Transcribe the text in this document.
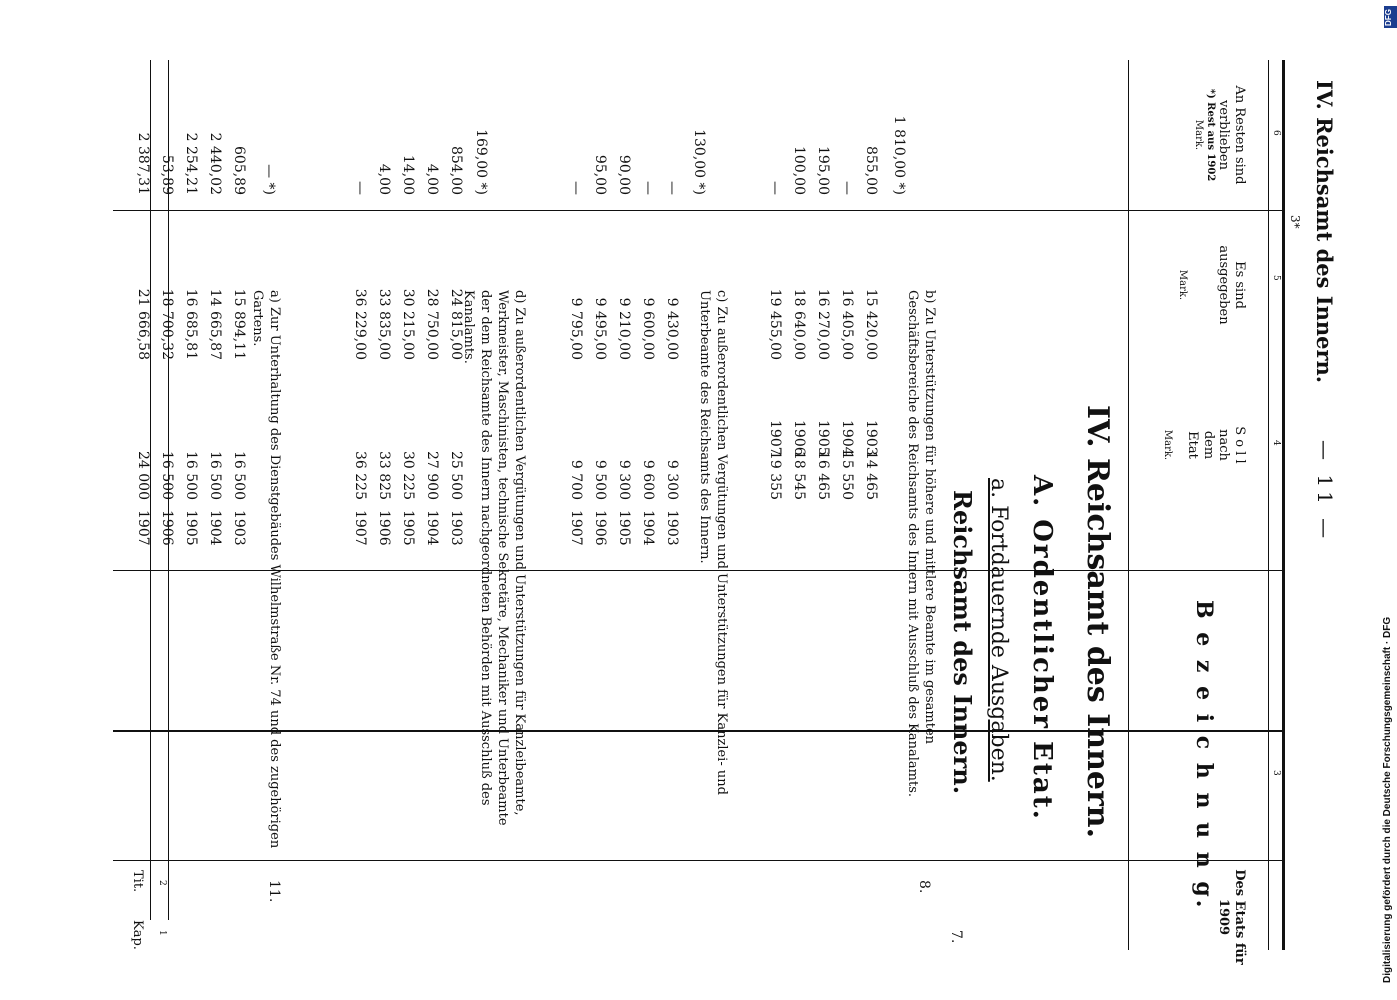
— 11 —
IV. Reichsamt des Innern.
3*
6
5
4
3
2
1
An Resten sind verblieben
*) Rest aus 1902
Mark.
Es sind ausgegeben
Mark.
S o l l nach dem Etat
Mark.
B e z e i c h n u n g.
Des Etats für 1909
Tit.
Kap.
IV. Reichsamt des Innern.
A. Ordentlicher Etat.
a. Fortdauernde Ausgaben.
Reichsamt des Innern.
7.
8.
b) Zu Unterstützungen für höhere und mittlere Beamte im gesamten Geschäftsbereiche des Reichsamts des Innern mit Ausschluß des Kanalamts.
1 810,00 *)
1903
14 465
15 420,00
855,00
1904
15 550
16 405,00
—
1905
16 465
16 270,00
195,00
1906
18 545
18 640,00
100,00
1907
19 355
19 455,00
—
c) Zu außerordentlichen Vergütungen und Unterstützungen für Kanzlei- und Unterbeamte des Reichsamts des Innern.
130,00 *)
1903
9 300
9 430,00
—
1904
9 600
9 600,00
—
1905
9 300
9 210,00
90,00
1906
9 500
9 495,00
95,00
1907
9 700
9 795,00
—
d) Zu außerordentlichen Vergütungen und Unterstützungen für Kanzleibeamte, Werkmeister, Maschinisten, technische Sekretäre, Mechaniker und Unterbeamte der dem Reichsamte des Innern nachgeordneten Behörden mit Ausschluß des Kanalamts.
169,00 *)
1903
25 500
24 815,00
854,00
1904
27 900
28 750,00
4,00
1905
30 225
30 215,00
14,00
1906
33 825
33 835,00
4,00
1907
36 225
36 229,00
—
11.
a) Zur Unterhaltung des Dienstgebäudes Wilhelmstraße Nr. 74 und des zugehörigen Gartens.
— *)
1903
16 500
15 894,11
605,89
1904
16 500
14 665,87
2 440,02
1905
16 500
16 685,81
2 254,21
1906
16 500
18 700,32
53,89
1907
24 000
21 666,58
2 387,31
DFG
Digitalisierung gefördert durch die Deutsche Forschungsgemeinschaft · DFG
